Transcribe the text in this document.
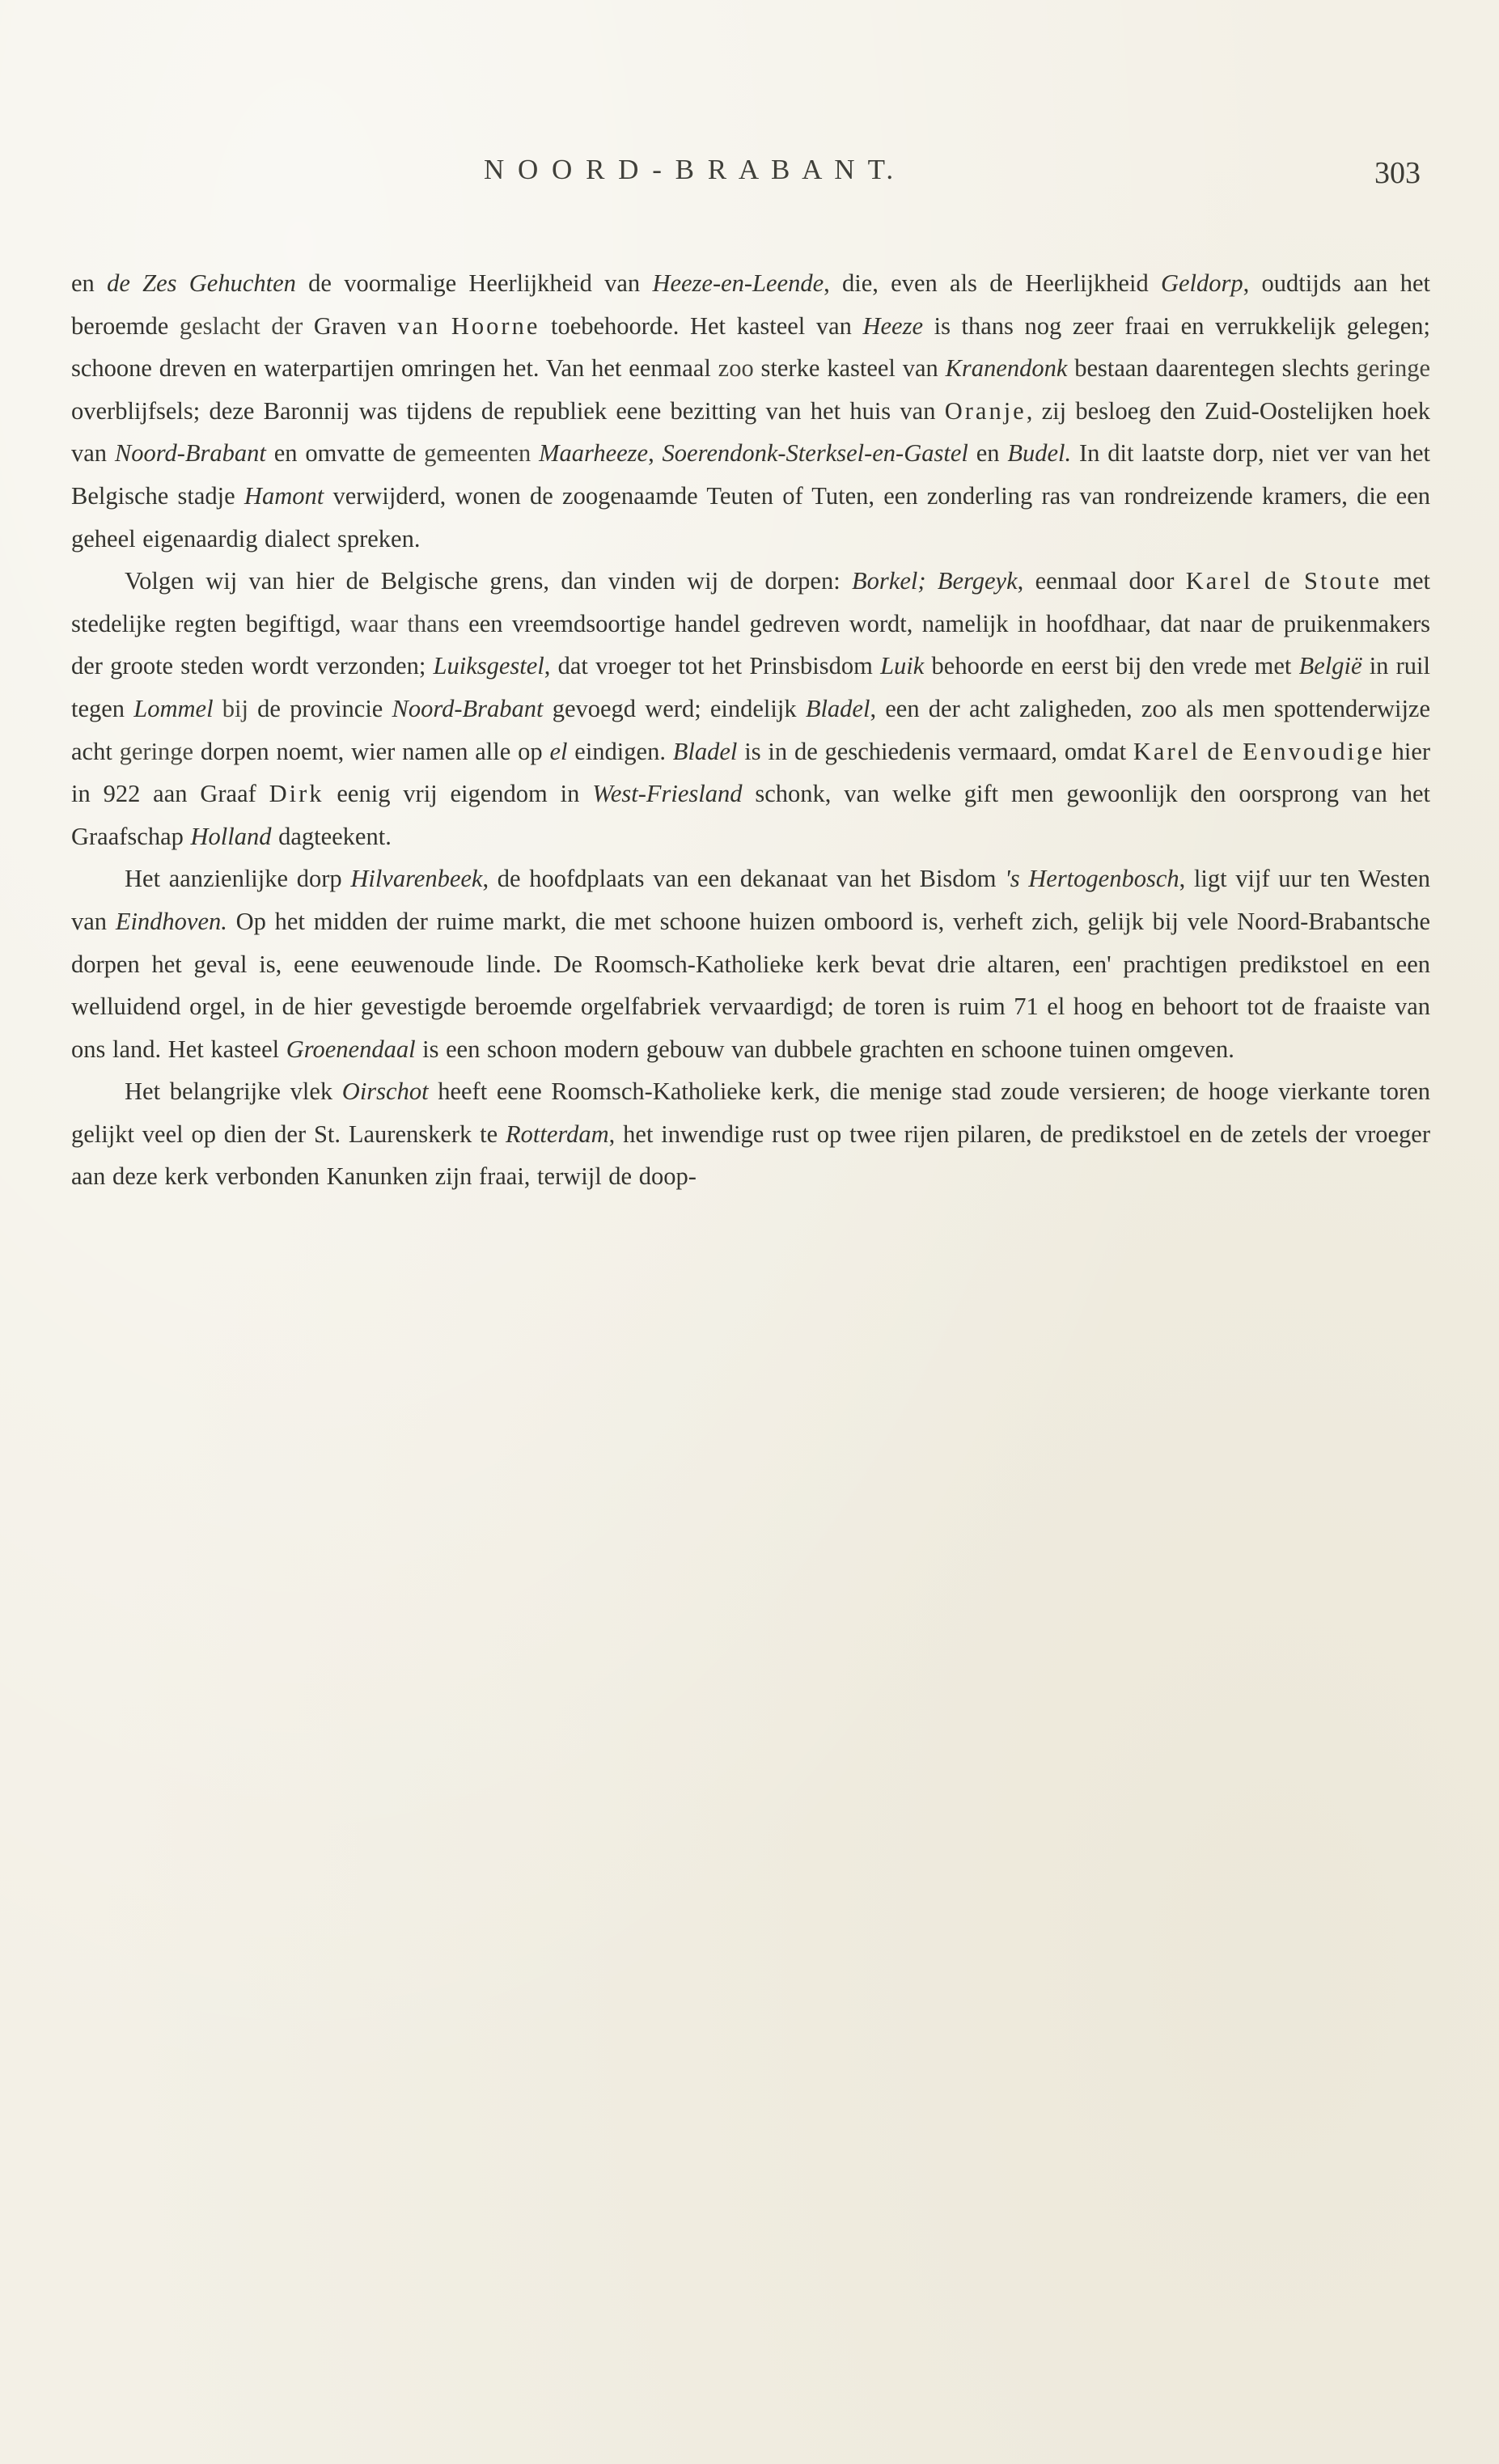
N O O R D - B R A B A N T.	303

en de Zes Gehuchten de voormalige Heerlijkheid van Heeze-en-Leende, die, even als de Heerlijkheid Geldorp, oudtijds aan het beroemde geslacht der Graven van Hoorne toebehoorde. Het kasteel van Heeze is thans nog zeer fraai en verrukkelijk gelegen; schoone dreven en waterpartijen omringen het. Van het eenmaal zoo sterke kasteel van Kranendonk bestaan daarentegen slechts geringe overblijfsels; deze Baronnij was tijdens de republiek eene bezitting van het huis van Oranje, zij besloeg den Zuid-Oostelijken hoek van Noord-Brabant en omvatte de gemeenten Maarheeze, Soerendonk-Sterksel-en-Gastel en Budel. In dit laatste dorp, niet ver van het Belgische stadje Hamont verwijderd, wonen de zoogenaamde Teuten of Tuten, een zonderling ras van rondreizende kramers, die een geheel eigenaardig dialect spreken.

Volgen wij van hier de Belgische grens, dan vinden wij de dorpen: Borkel; Bergeyk, eenmaal door Karel de Stoute met stedelijke regten begiftigd, waar thans een vreemdsoortige handel gedreven wordt, namelijk in hoofdhaar, dat naar de pruikenmakers der groote steden wordt verzonden; Luiksgestel, dat vroeger tot het Prinsbisdom Luik behoorde en eerst bij den vrede met België in ruil tegen Lommel bij de provincie Noord-Brabant gevoegd werd; eindelijk Bladel, een der acht zaligheden, zoo als men spottenderwijze acht geringe dorpen noemt, wier namen alle op el eindigen. Bladel is in de geschiedenis vermaard, omdat Karel de Eenvoudige hier in 922 aan Graaf Dirk eenig vrij eigendom in West-Friesland schonk, van welke gift men gewoonlijk den oorsprong van het Graafschap Holland dagteekent.

Het aanzienlijke dorp Hilvarenbeek, de hoofdplaats van een dekanaat van het Bisdom 's Hertogenbosch, ligt vijf uur ten Westen van Eindhoven. Op het midden der ruime markt, die met schoone huizen omboord is, verheft zich, gelijk bij vele Noord-Brabantsche dorpen het geval is, eene eeuwenoude linde. De Roomsch-Katholieke kerk bevat drie altaren, een' prachtigen predikstoel en een welluidend orgel, in de hier gevestigde beroemde orgelfabriek vervaardigd; de toren is ruim 71 el hoog en behoort tot de fraaiste van ons land. Het kasteel Groenendaal is een schoon modern gebouw van dubbele grachten en schoone tuinen omgeven.

Het belangrijke vlek Oirschot heeft eene Roomsch-Katholieke kerk, die menige stad zoude versieren; de hooge vierkante toren gelijkt veel op dien der St. Laurenskerk te Rotterdam, het inwendige rust op twee rijen pilaren, de predikstoel en de zetels der vroeger aan deze kerk verbonden Kanunken zijn fraai, terwijl de doop-
